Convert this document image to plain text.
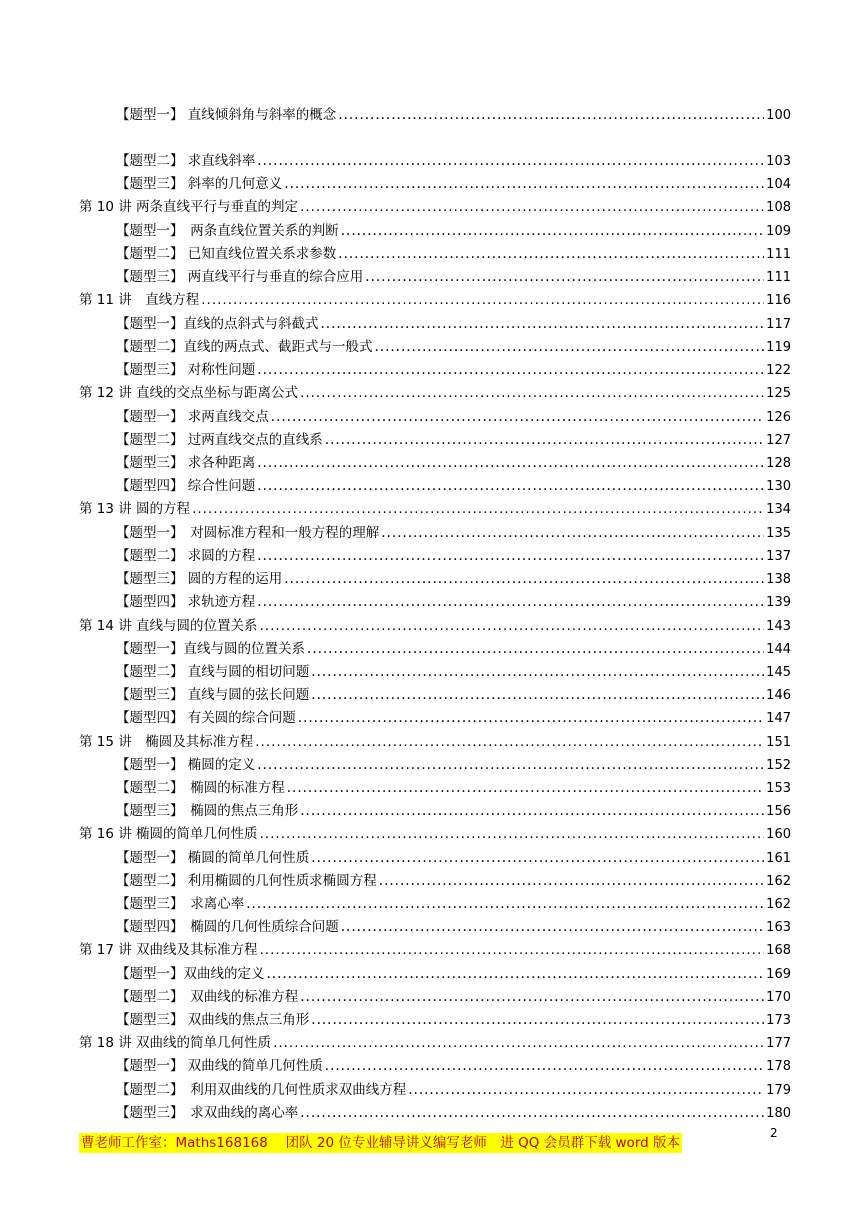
【题型一】 直线倾斜角与斜率的概念 .....	100
【题型二】 求直线斜率 .....	103
【题型三】 斜率的几何意义 .....	104
第 10 讲 两条直线平行与垂直的判定 .....	108
【题型一】　两条直线位置关系的判断 .....	109
【题型二】 已知直线位置关系求参数 .....	111
【题型三】 两直线平行与垂直的综合应用 .....	111
第 11 讲　直线方程 .....	116
【题型一】直线的点斜式与斜截式 .....	117
【题型二】直线的两点式、截距式与一般式 .....	119
【题型三】 对称性问题 .....	122
第 12 讲 直线的交点坐标与距离公式 .....	125
【题型一】 求两直线交点 .....	126
【题型二】 过两直线交点的直线系 .....	127
【题型三】 求各种距离 .....	128
【题型四】 综合性问题 .....	130
第 13 讲 圆的方程 .....	134
【题型一】　对圆标准方程和一般方程的理解 .....	135
【题型二】 求圆的方程 .....	137
【题型三】 圆的方程的运用 .....	138
【题型四】 求轨迹方程 .....	139
第 14 讲 直线与圆的位置关系 .....	143
【题型一】直线与圆的位置关系 .....	144
【题型二】 直线与圆的相切问题 .....	145
【题型三】 直线与圆的弦长问题 .....	146
【题型四】 有关圆的综合问题 .....	147
第 15 讲　椭圆及其标准方程 .....	151
【题型一】 椭圆的定义 .....	152
【题型二】　椭圆的标准方程 .....	153
【题型三】　椭圆的焦点三角形 .....	156
第 16 讲 椭圆的简单几何性质 .....	160
【题型一】 椭圆的简单几何性质 .....	161
【题型二】 利用椭圆的几何性质求椭圆方程 .....	162
【题型三】　求离心率 .....	162
【题型四】　椭圆的几何性质综合问题 .....	163
第 17 讲 双曲线及其标准方程 .....	168
【题型一】双曲线的定义 .....	169
【题型二】　双曲线的标准方程 .....	170
【题型三】 双曲线的焦点三角形 .....	173
第 18 讲 双曲线的简单几何性质 .....	177
【题型一】 双曲线的简单几何性质 .....	178
【题型二】　利用双曲线的几何性质求双曲线方程 .....	179
【题型三】　求双曲线的离心率 .....	180
曹老师工作室：Maths168168　 团队 20 位专业辅导讲义编写老师　进 QQ 会员群下载 word 版本
2
